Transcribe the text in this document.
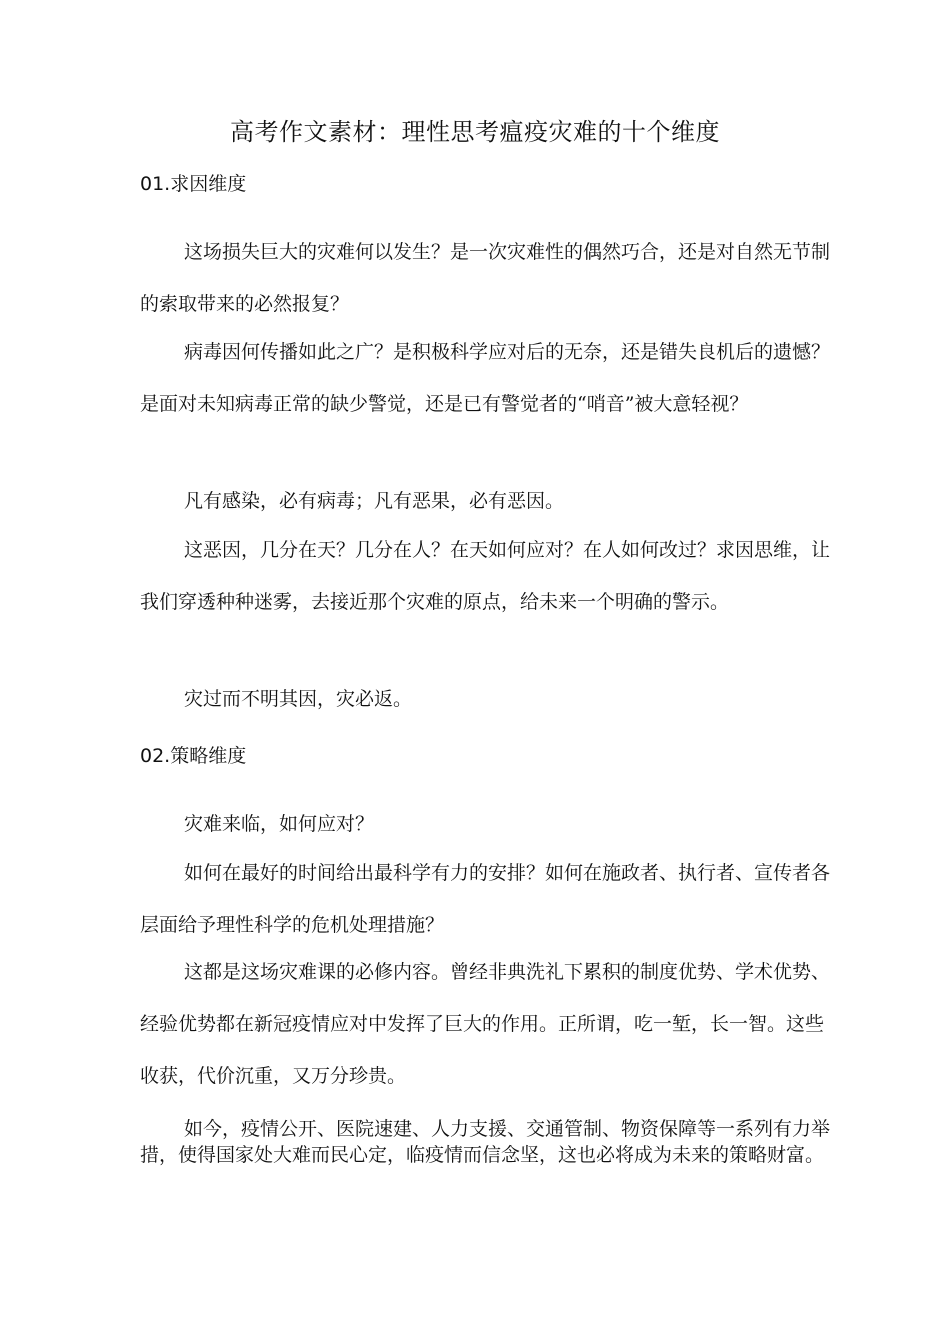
高考作文素材：理性思考瘟疫灾难的十个维度
01.求因维度

这场损失巨大的灾难何以发生？是一次灾难性的偶然巧合，还是对自然无节制的索取带来的必然报复？

病毒因何传播如此之广？是积极科学应对后的无奈，还是错失良机后的遗憾？是面对未知病毒正常的缺少警觉，还是已有警觉者的“哨音”被大意轻视？

凡有感染，必有病毒；凡有恶果，必有恶因。

这恶因，几分在天？几分在人？在天如何应对？在人如何改过？求因思维，让我们穿透种种迷雾，去接近那个灾难的原点，给未来一个明确的警示。

灾过而不明其因，灾必返。

02.策略维度

灾难来临，如何应对？

如何在最好的时间给出最科学有力的安排？如何在施政者、执行者、宣传者各层面给予理性科学的危机处理措施？

这都是这场灾难课的必修内容。曾经非典洗礼下累积的制度优势、学术优势、经验优势都在新冠疫情应对中发挥了巨大的作用。正所谓，吃一堑，长一智。这些收获，代价沉重，又万分珍贵。

如今，疫情公开、医院速建、人力支援、交通管制、物资保障等一系列有力举措，使得国家处大难而民心定，临疫情而信念坚，这也必将成为未来的策略财富。
